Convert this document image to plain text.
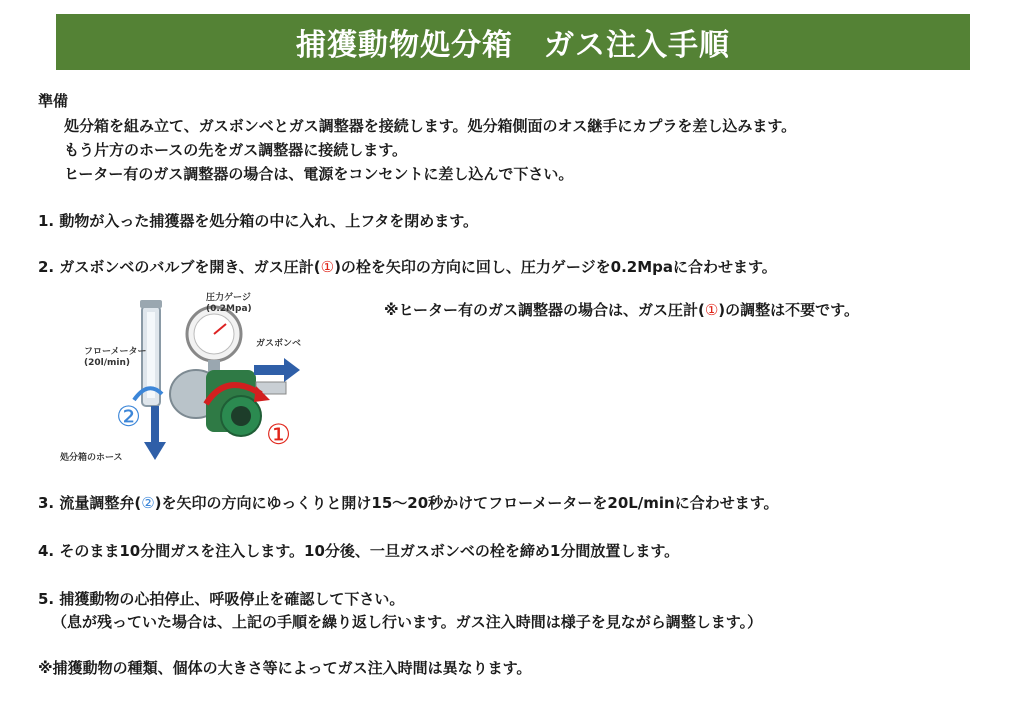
捕獲動物処分箱　ガス注入手順
準備
処分箱を組み立て、ガスボンベとガス調整器を接続します。処分箱側面のオス継手にカプラを差し込みます。
もう片方のホースの先をガス調整器に接続します。
ヒーター有のガス調整器の場合は、電源をコンセントに差し込んで下さい。
1. 動物が入った捕獲器を処分箱の中に入れ、上フタを閉めます。
2. ガスボンベのバルブを開き、ガス圧計(①)の栓を矢印の方向に回し、圧力ゲージを0.2Mpaに合わせます。
※ヒーター有のガス調整器の場合は、ガス圧計(①)の調整は不要です。
圧力ゲージ
(0.2Mpa)
フローメーター
(20l/min)
ガスボンベ
処分箱のホース
①
②
3. 流量調整弁(②)を矢印の方向にゆっくりと開け15～20秒かけてフローメーターを20L/minに合わせます。
4. そのまま10分間ガスを注入します。10分後、一旦ガスボンベの栓を締め1分間放置します。
5. 捕獲動物の心拍停止、呼吸停止を確認して下さい。
（息が残っていた場合は、上記の手順を繰り返し行います。ガス注入時間は様子を見ながら調整します。）
※捕獲動物の種類、個体の大きさ等によってガス注入時間は異なります。
